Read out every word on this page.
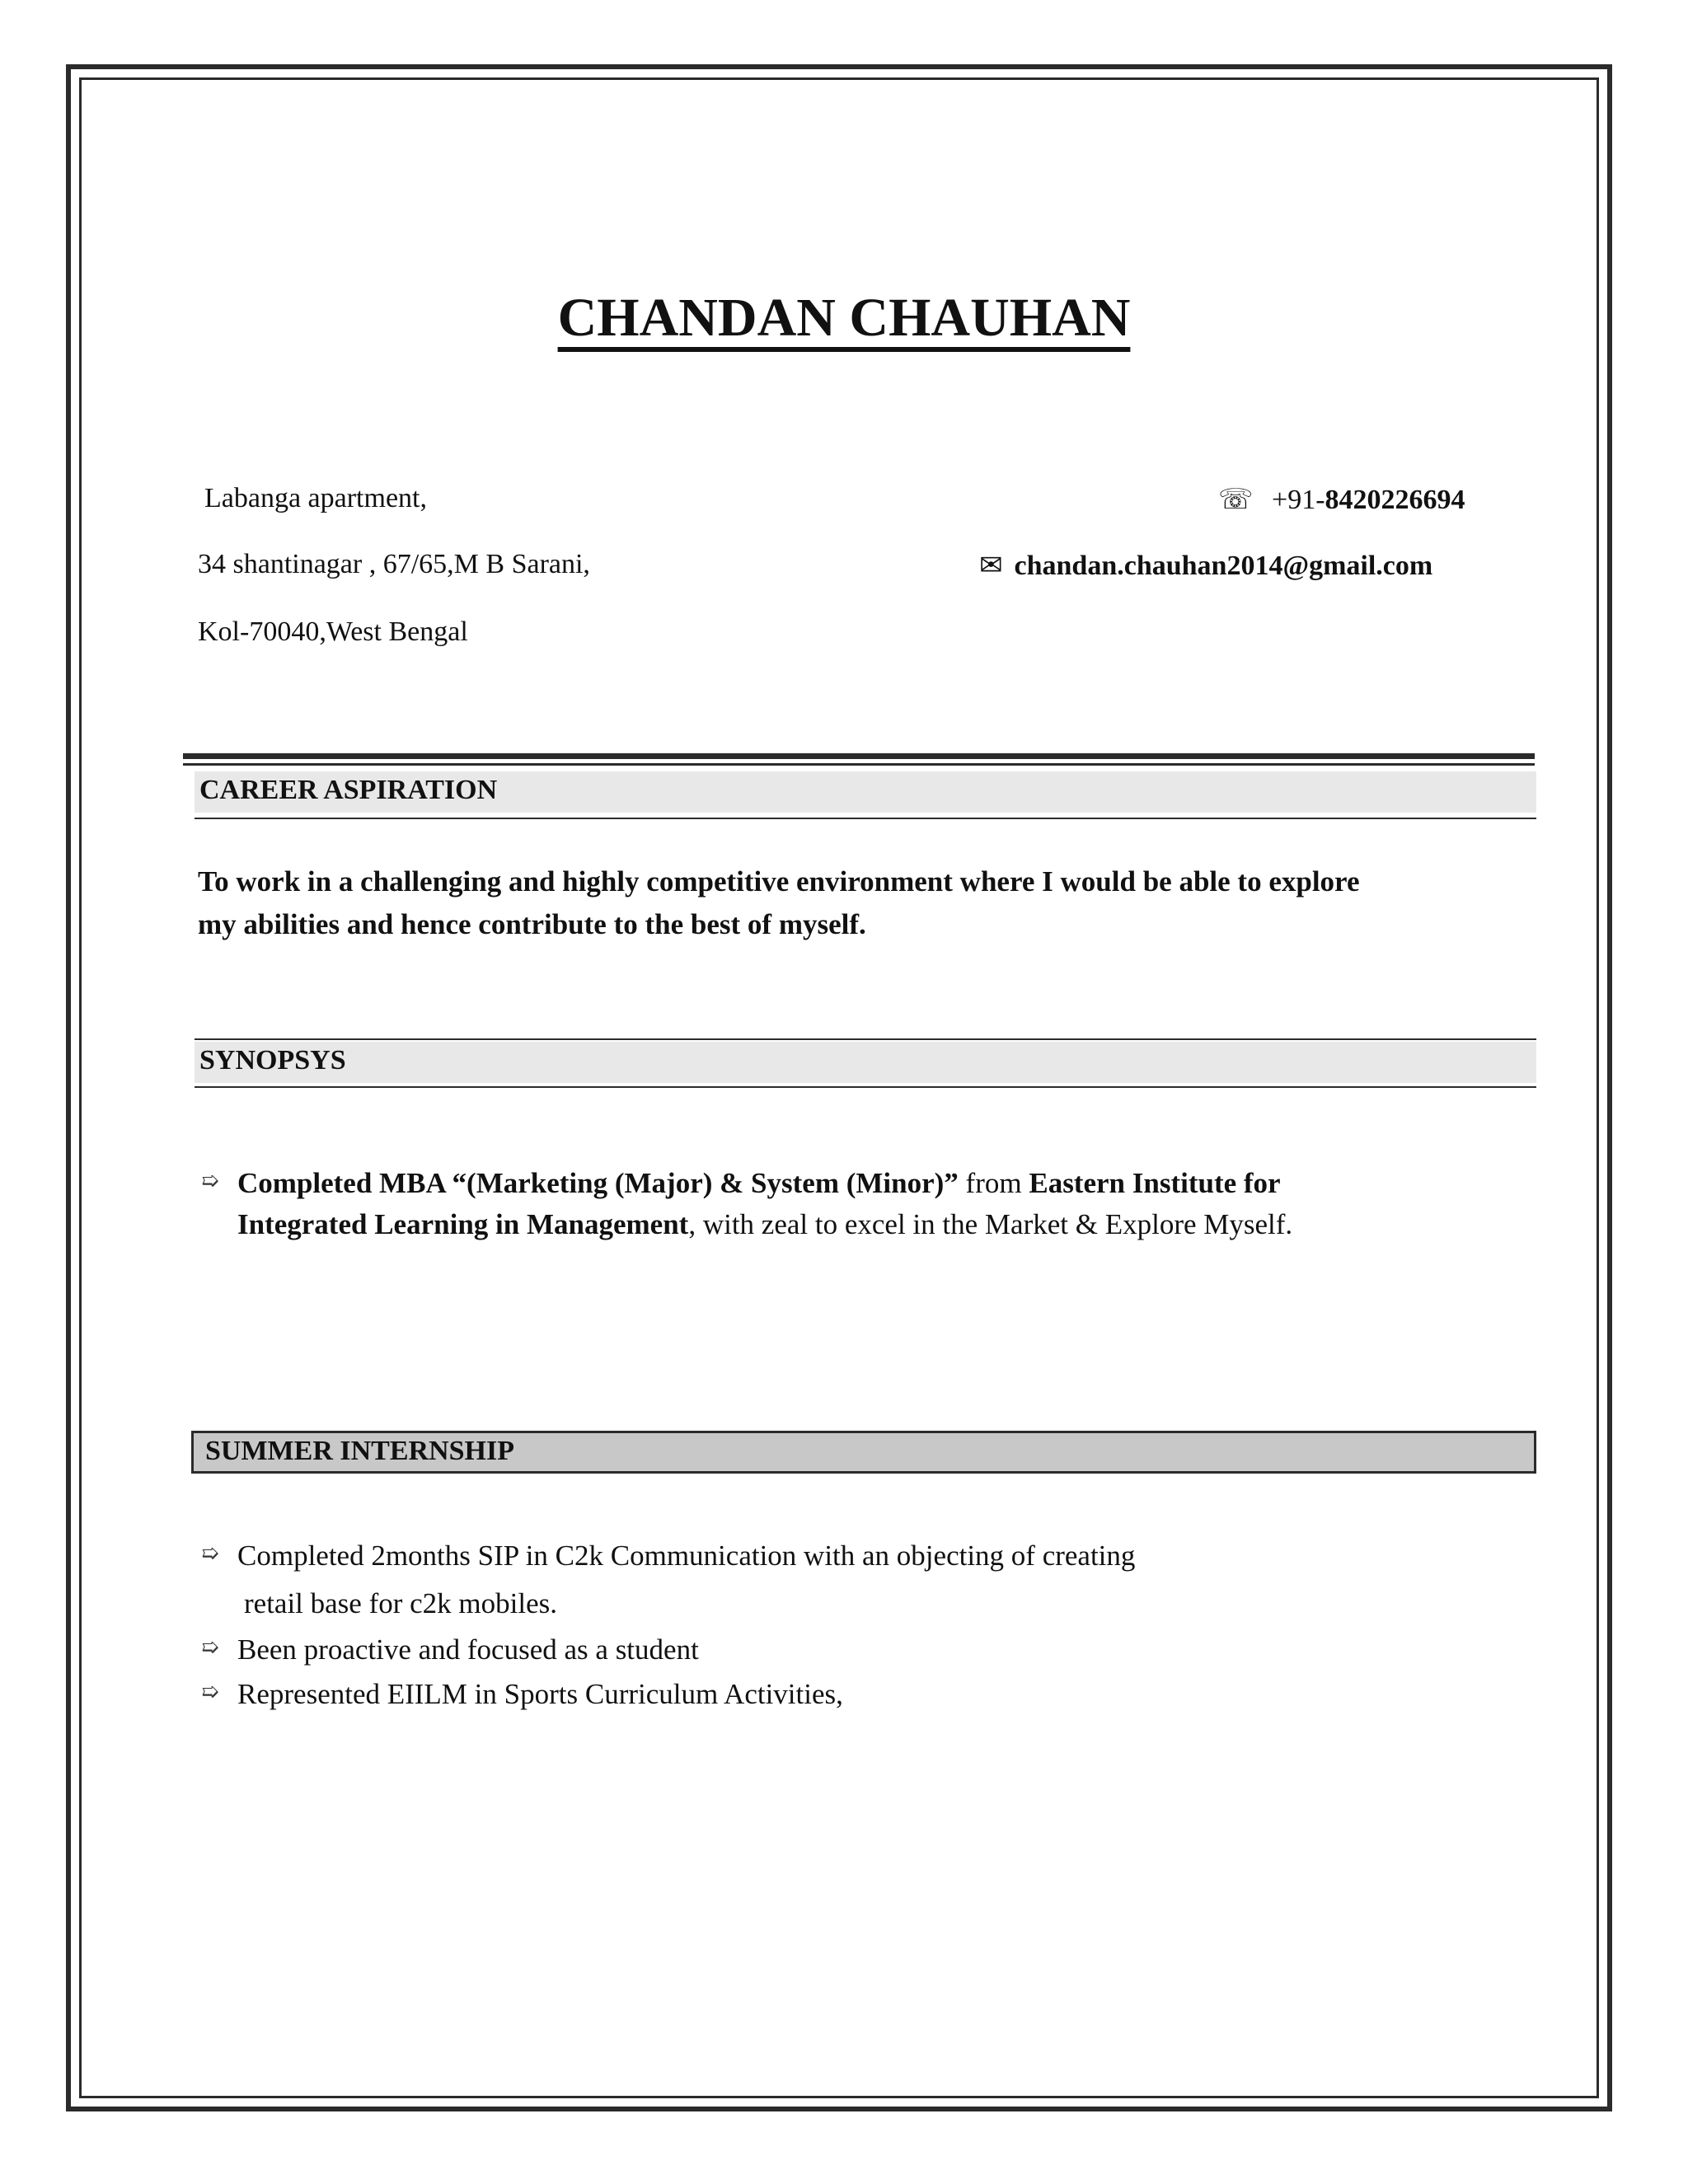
CHANDAN CHAUHAN
Labanga apartment,
34 shantinagar , 67/65,M B Sarani,
Kol-70040,West Bengal
☏ +91-8420226694
✉ chandan.chauhan2014@gmail.com
CAREER ASPIRATION
To work in a challenging and highly competitive environment where I would be able to explore
my abilities and hence contribute to the best of myself.
SYNOPSYS
➯ Completed MBA “(Marketing (Major) & System (Minor)” from Eastern Institute for
Integrated Learning in Management, with zeal to excel in the Market & Explore Myself.
SUMMER INTERNSHIP
➯ Completed 2months SIP in C2k Communication with an objecting of creating
retail base for c2k mobiles.
➯ Been proactive and focused as a student
➯ Represented EIILM in Sports Curriculum Activities,
